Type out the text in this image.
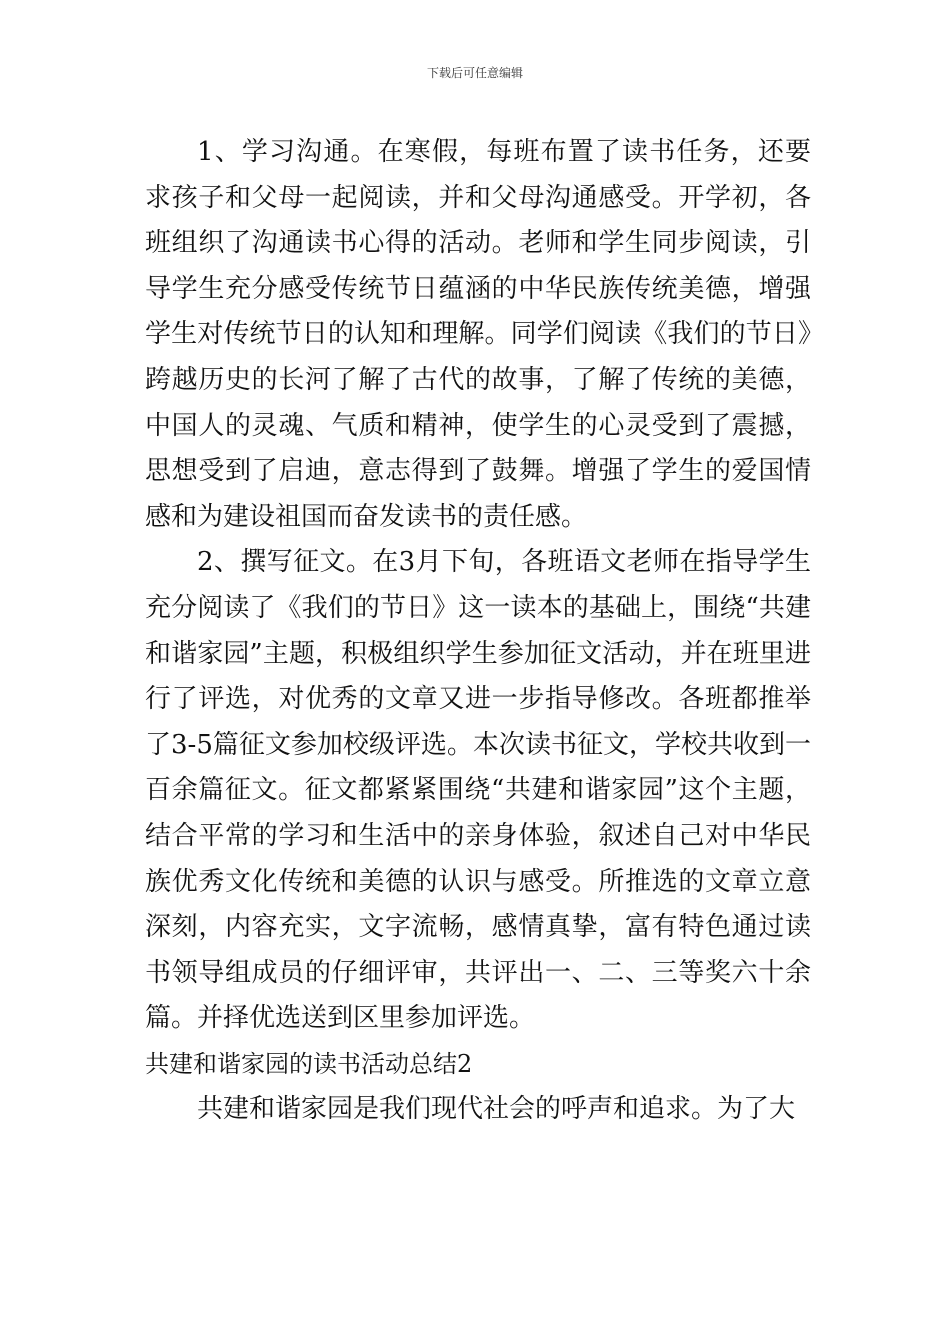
下载后可任意编辑

1、学习沟通。在寒假，每班布置了读书任务，还要求孩子和父母一起阅读，并和父母沟通感受。开学初，各班组织了沟通读书心得的活动。老师和学生同步阅读，引导学生充分感受传统节日蕴涵的中华民族传统美德，增强学生对传统节日的认知和理解。同学们阅读《我们的节日》跨越历史的长河了解了古代的故事，了解了传统的美德，中国人的灵魂、气质和精神，使学生的心灵受到了震撼，思想受到了启迪，意志得到了鼓舞。增强了学生的爱国情感和为建设祖国而奋发读书的责任感。

2、撰写征文。在3月下旬，各班语文老师在指导学生充分阅读了《我们的节日》这一读本的基础上，围绕“共建和谐家园”主题，积极组织学生参加征文活动，并在班里进行了评选，对优秀的文章又进一步指导修改。各班都推举了3-5篇征文参加校级评选。本次读书征文，学校共收到一百余篇征文。征文都紧紧围绕“共建和谐家园”这个主题，结合平常的学习和生活中的亲身体验，叙述自己对中华民族优秀文化传统和美德的认识与感受。所推选的文章立意深刻，内容充实，文字流畅，感情真挚，富有特色通过读书领导组成员的仔细评审，共评出一、二、三等奖六十余篇。并择优选送到区里参加评选。

共建和谐家园的读书活动总结2

共建和谐家园是我们现代社会的呼声和追求。为了大
